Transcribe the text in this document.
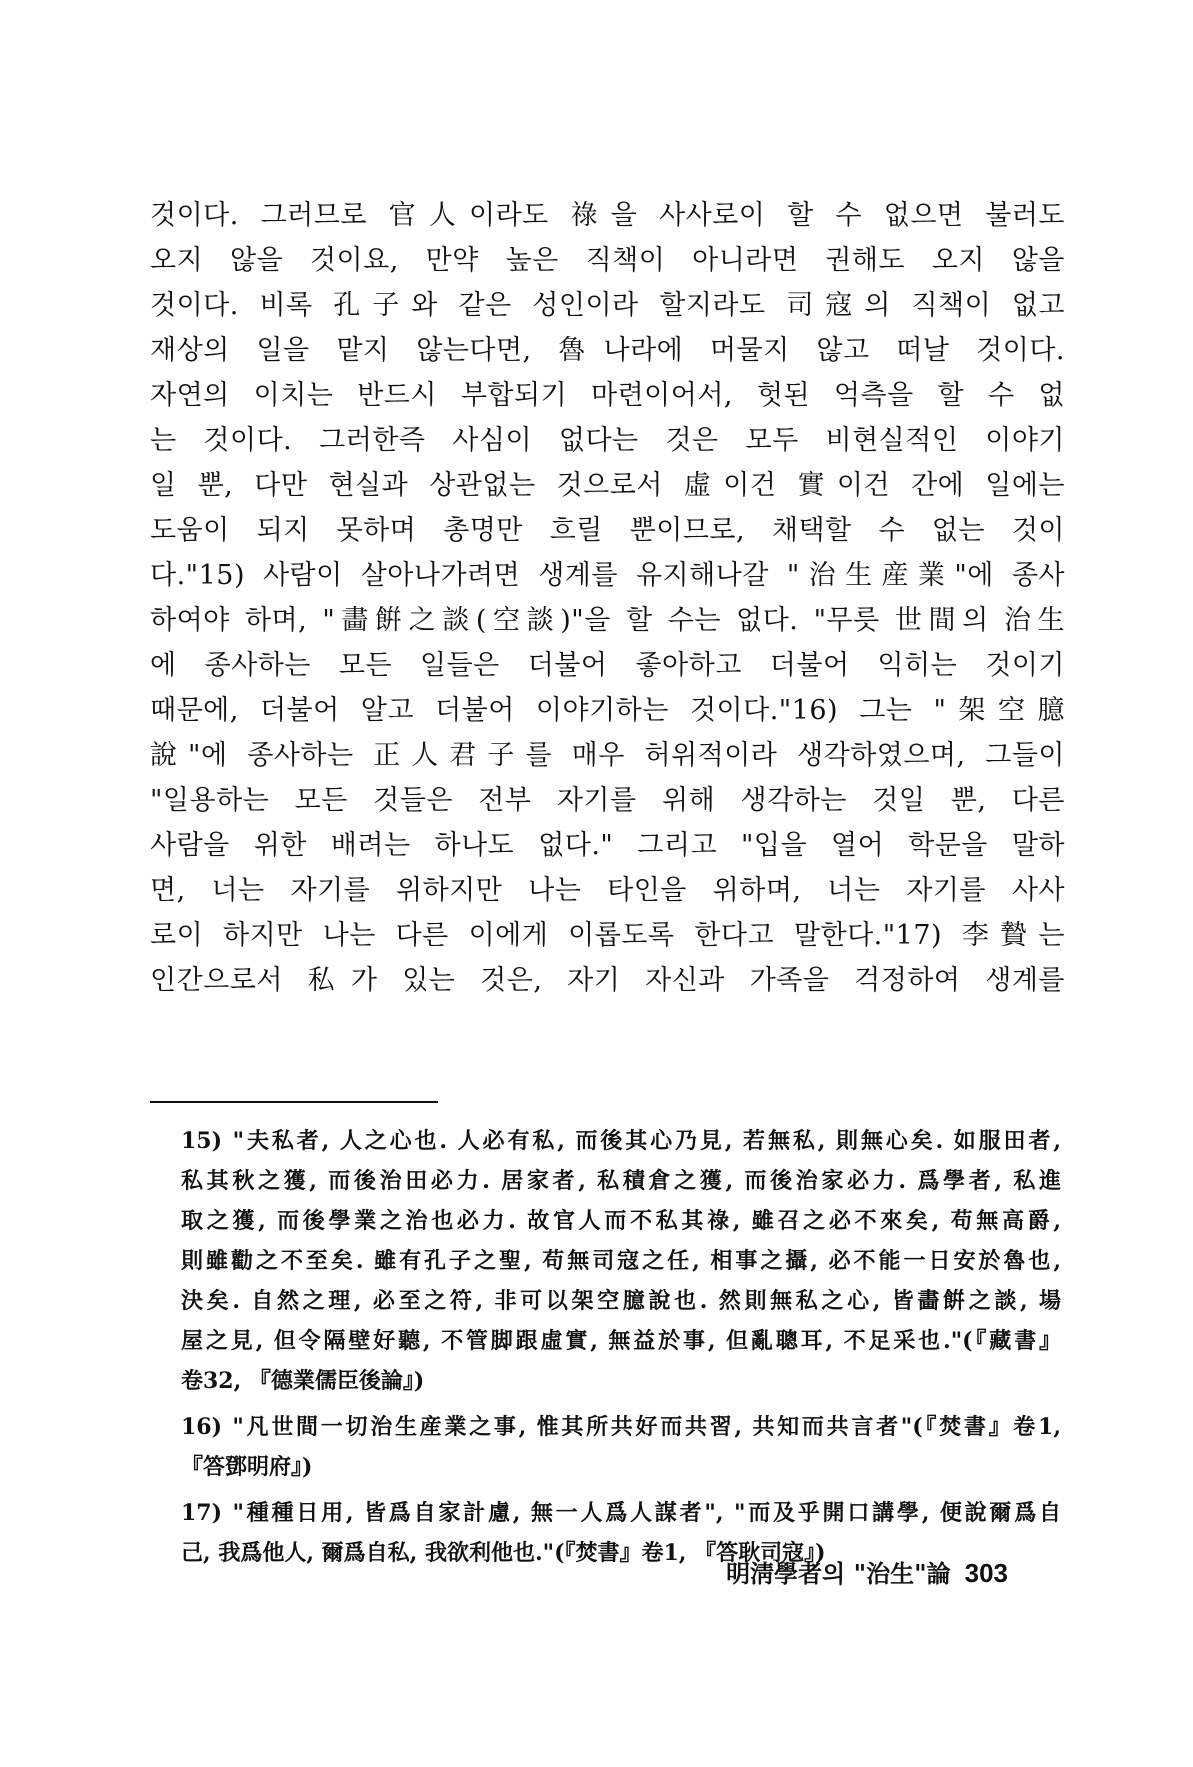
것이다. 그러므로 官人이라도 祿을 사사로이 할 수 없으면 불러도
오지 않을 것이요, 만약 높은 직책이 아니라면 권해도 오지 않을
것이다. 비록 孔子와 같은 성인이라 할지라도 司寇의 직책이 없고
재상의 일을 맡지 않는다면, 魯나라에 머물지 않고 떠날 것이다.
자연의 이치는 반드시 부합되기 마련이어서, 헛된 억측을 할 수 없
는 것이다. 그러한즉 사심이 없다는 것은 모두 비현실적인 이야기
일 뿐, 다만 현실과 상관없는 것으로서 虛이건 實이건 간에 일에는
도움이 되지 못하며 총명만 흐릴 뿐이므로, 채택할 수 없는 것이
다."15) 사람이 살아나가려면 생계를 유지해나갈 "治生産業"에 종사
하여야 하며, "畵餠之談(空談)"을 할 수는 없다. "무릇 世間의 治生
에 종사하는 모든 일들은 더불어 좋아하고 더불어 익히는 것이기
때문에, 더불어 알고 더불어 이야기하는 것이다."16) 그는 "架空臆
說"에 종사하는 正人君子를 매우 허위적이라 생각하였으며, 그들이
"일용하는 모든 것들은 전부 자기를 위해 생각하는 것일 뿐, 다른
사람을 위한 배려는 하나도 없다." 그리고 "입을 열어 학문을 말하
면, 너는 자기를 위하지만 나는 타인을 위하며, 너는 자기를 사사
로이 하지만 나는 다른 이에게 이롭도록 한다고 말한다."17) 李贄는
인간으로서 私가 있는 것은, 자기 자신과 가족을 걱정하여 생계를
15) "夫私者, 人之心也. 人必有私, 而後其心乃見, 若無私, 則無心矣. 如服田者,
私其秋之獲, 而後治田必力. 居家者, 私積倉之獲, 而後治家必力. 爲學者, 私進
取之獲, 而後學業之治也必力. 故官人而不私其祿, 雖召之必不來矣, 苟無高爵,
則雖勸之不至矣. 雖有孔子之聖, 苟無司寇之任, 相事之攝, 必不能一日安於魯也,
決矣. 自然之理, 必至之符, 非可以架空臆說也. 然則無私之心, 皆畵餠之談, 場
屋之見, 但令隔壁好聽, 不管脚跟虛實, 無益於事, 但亂聰耳, 不足采也."(『藏書』
卷32, 『德業儒臣後論』)
16) "凡世間一切治生産業之事, 惟其所共好而共習, 共知而共言者"(『焚書』卷1,
『答鄧明府』)
17) "種種日用, 皆爲自家計慮, 無一人爲人謀者", "而及乎開口講學, 便說爾爲自
己, 我爲他人, 爾爲自私, 我欲利他也."(『焚書』卷1, 『答耿司寇』)
明淸學者의 "治生"論 303
